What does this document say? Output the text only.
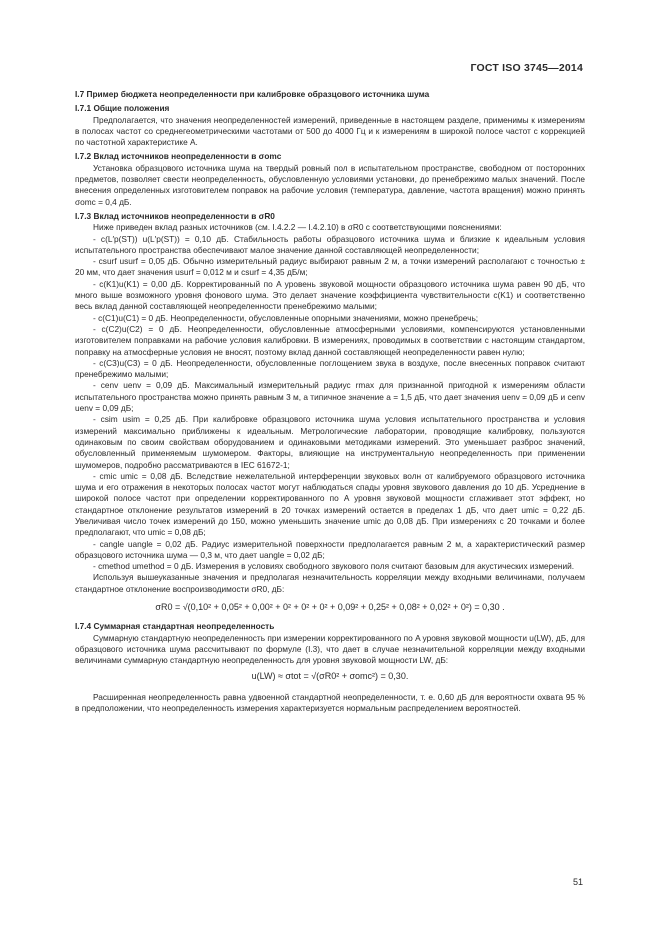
ГОСТ ISO 3745—2014
I.7 Пример бюджета неопределенности при калибровке образцового источника шума
I.7.1 Общие положения

Предполагается, что значения неопределенностей измерений, приведенные в настоящем разделе, применимы к измерениям в полосах частот со среднегеометрическими частотами от 500 до 4000 Гц и к измерениям в широкой полосе частот с коррекцией по частотной характеристике A.

I.7.2 Вклад источников неопределенности в σomc

Установка образцового источника шума на твердый ровный пол в испытательном пространстве, свободном от посторонних предметов, позволяет свести неопределенность, обусловленную условиями установки, до пренебрежимо малых значений. После внесения определенных изготовителем поправок на рабочие условия (температура, давление, частота вращения) можно принять σomc = 0,4 дБ.

I.7.3 Вклад источников неопределенности в σR0

Ниже приведен вклад разных источников (см. I.4.2.2 — I.4.2.10) в σR0 с соответствующими пояснениями:

- c(L′p(ST)) u(L′p(ST)) = 0,10 дБ. Стабильность работы образцового источника шума и близкие к идеальным условия испытательного пространства обеспечивают малое значение данной составляющей неопределенности;

- csurf usurf = 0,05 дБ. Обычно измерительный радиус выбирают равным 2 м, а точки измерений располагают с точностью ± 20 мм, что дает значения usurf = 0,012 м и csurf = 4,35 дБ/м;

- c(K1)u(K1) = 0,00 дБ. Корректированный по A уровень звуковой мощности образцового источника шума равен 90 дБ, что много выше возможного уровня фонового шума. Это делает значение коэффициента чувствительности c(K1) и соответственно весь вклад данной составляющей неопределенности пренебрежимо малыми;

- c(C1)u(C1) = 0 дБ. Неопределенности, обусловленные опорными значениями, можно пренебречь;

- c(C2)u(C2) = 0 дБ. Неопределенности, обусловленные атмосферными условиями, компенсируются установленными изготовителем поправками на рабочие условия калибровки. В измерениях, проводимых в соответствии с настоящим стандартом, поправку на атмосферные условия не вносят, поэтому вклад данной составляющей неопределенности равен нулю;

- c(C3)u(C3) = 0 дБ. Неопределенности, обусловленные поглощением звука в воздухе, после внесенных поправок считают пренебрежимо малыми;

- cenv uenv = 0,09 дБ. Максимальный измерительный радиус rmax для признанной пригодной к измерениям области испытательного пространства можно принять равным 3 м, а типичное значение a = 1,5 дБ, что дает значения uenv = 0,09 дБ и cenv uenv = 0,09 дБ;

- csim usim = 0,25 дБ. При калибровке образцового источника шума условия испытательного пространства и условия измерений максимально приближены к идеальным. Метрологические лаборатории, проводящие калибровку, пользуются одинаковым по своим свойствам оборудованием и одинаковыми методиками измерений. Это уменьшает разброс значений, обусловленный применяемым шумомером. Факторы, влияющие на инструментальную неопределенность при применении шумомеров, подробно рассматриваются в IEC 61672-1;

- cmic umic = 0,08 дБ. Вследствие нежелательной интерференции звуковых волн от калибруемого образцового источника шума и его отражения в некоторых полосах частот могут наблюдаться спады уровня звукового давления до 10 дБ. Усреднение в широкой полосе частот при определении корректированного по A уровня звуковой мощности сглаживает этот эффект, но стандартное отклонение результатов измерений в 20 точках измерений остается в пределах 1 дБ, что дает umic = 0,22 дБ. Увеличивая число точек измерений до 150, можно уменьшить значение umic до 0,08 дБ. При измерениях с 20 точками и более предполагают, что umic = 0,08 дБ;

- cangle uangle = 0,02 дБ. Радиус измерительной поверхности предполагается равным 2 м, а характеристический размер образцового источника шума — 0,3 м, что дает uangle = 0,02 дБ;

- cmethod umethod = 0 дБ. Измерения в условиях свободного звукового поля считают базовым для акустических измерений.

Используя вышеуказанные значения и предполагая незначительность корреляции между входными величинами, получаем стандартное отклонение воспроизводимости σR0, дБ:

σR0 = √(0,10² + 0,05² + 0,00² + 0² + 0² + 0² + 0,09² + 0,25² + 0,08² + 0,02² + 0²) = 0,30 .
I.7.4 Суммарная стандартная неопределенность

Суммарную стандартную неопределенность при измерении корректированного по A уровня звуковой мощности u(LW), дБ, для образцового источника шума рассчитывают по формуле (I.3), что дает в случае незначительной корреляции между входными величинами суммарную стандартную неопределенность для уровня звуковой мощности LW, дБ:

u(LW) ≈ σtot = √(σR0² + σomc²) = 0,30.

Расширенная неопределенность равна удвоенной стандартной неопределенности, т. е. 0,60 дБ для вероятности охвата 95 % в предположении, что неопределенность измерения характеризуется нормальным распределением вероятностей.

51
